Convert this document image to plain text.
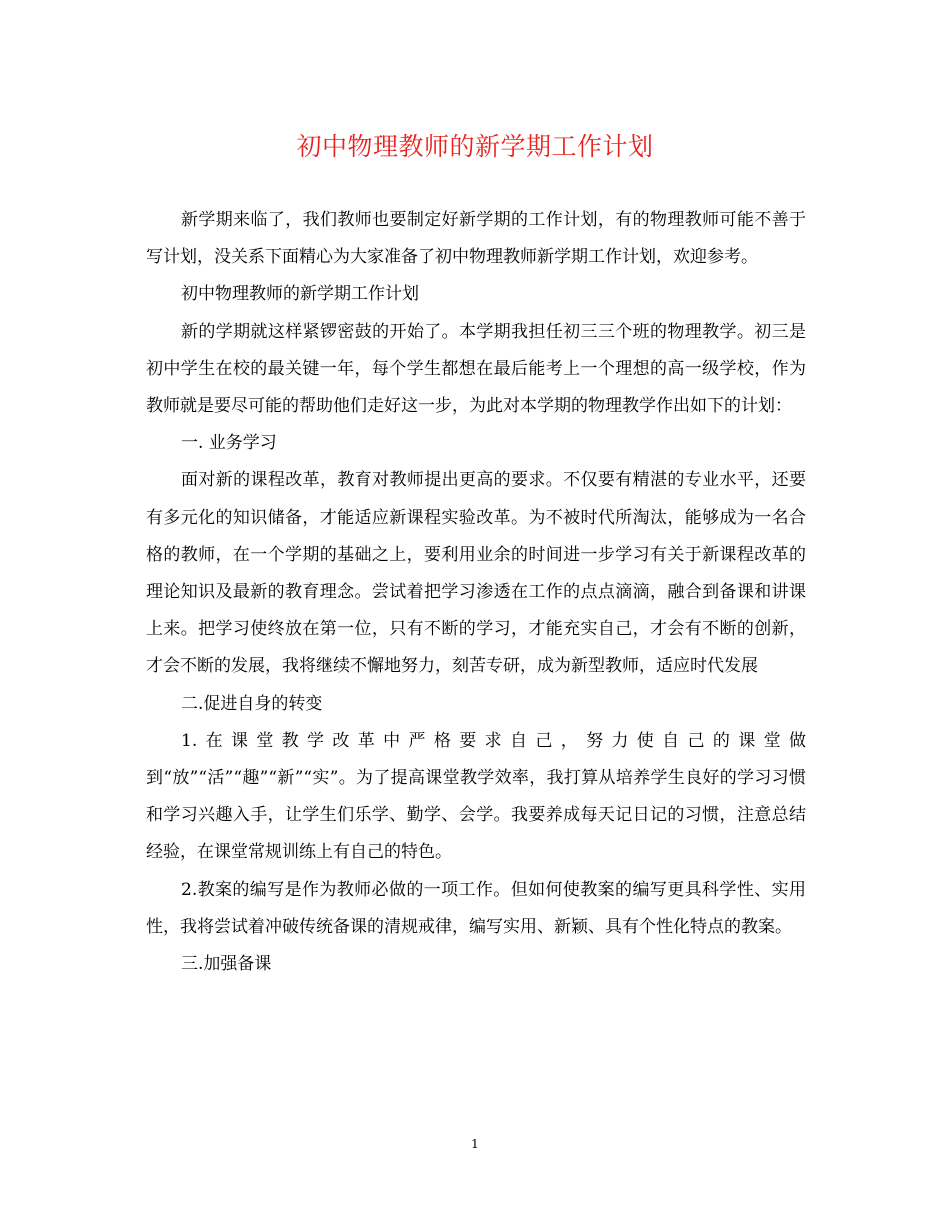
初中物理教师的新学期工作计划

新学期来临了，我们教师也要制定好新学期的工作计划，有的物理教师可能不善于写计划，没关系下面精心为大家准备了初中物理教师新学期工作计划，欢迎参考。

初中物理教师的新学期工作计划

新的学期就这样紧锣密鼓的开始了。本学期我担任初三三个班的物理教学。初三是初中学生在校的最关键一年，每个学生都想在最后能考上一个理想的高一级学校，作为教师就是要尽可能的帮助他们走好这一步，为此对本学期的物理教学作出如下的计划：

一. 业务学习

面对新的课程改革，教育对教师提出更高的要求。不仅要有精湛的专业水平，还要有多元化的知识储备，才能适应新课程实验改革。为不被时代所淘汰，能够成为一名合格的教师，在一个学期的基础之上，要利用业余的时间进一步学习有关于新课程改革的理论知识及最新的教育理念。尝试着把学习渗透在工作的点点滴滴，融合到备课和讲课上来。把学习使终放在第一位，只有不断的学习，才能充实自己，才会有不断的创新，才会不断的发展，我将继续不懈地努力，刻苦专研，成为新型教师，适应时代发展

二.促进自身的转变

1.在课堂教学改革中严格要求自己，努力使自己的课堂做到“放”“活”“趣”“新”“实”。为了提高课堂教学效率，我打算从培养学生良好的学习习惯和学习兴趣入手，让学生们乐学、勤学、会学。我要养成每天记日记的习惯，注意总结经验，在课堂常规训练上有自己的特色。

2.教案的编写是作为教师必做的一项工作。但如何使教案的编写更具科学性、实用性，我将尝试着冲破传统备课的清规戒律，编写实用、新颖、具有个性化特点的教案。

三.加强备课

1
